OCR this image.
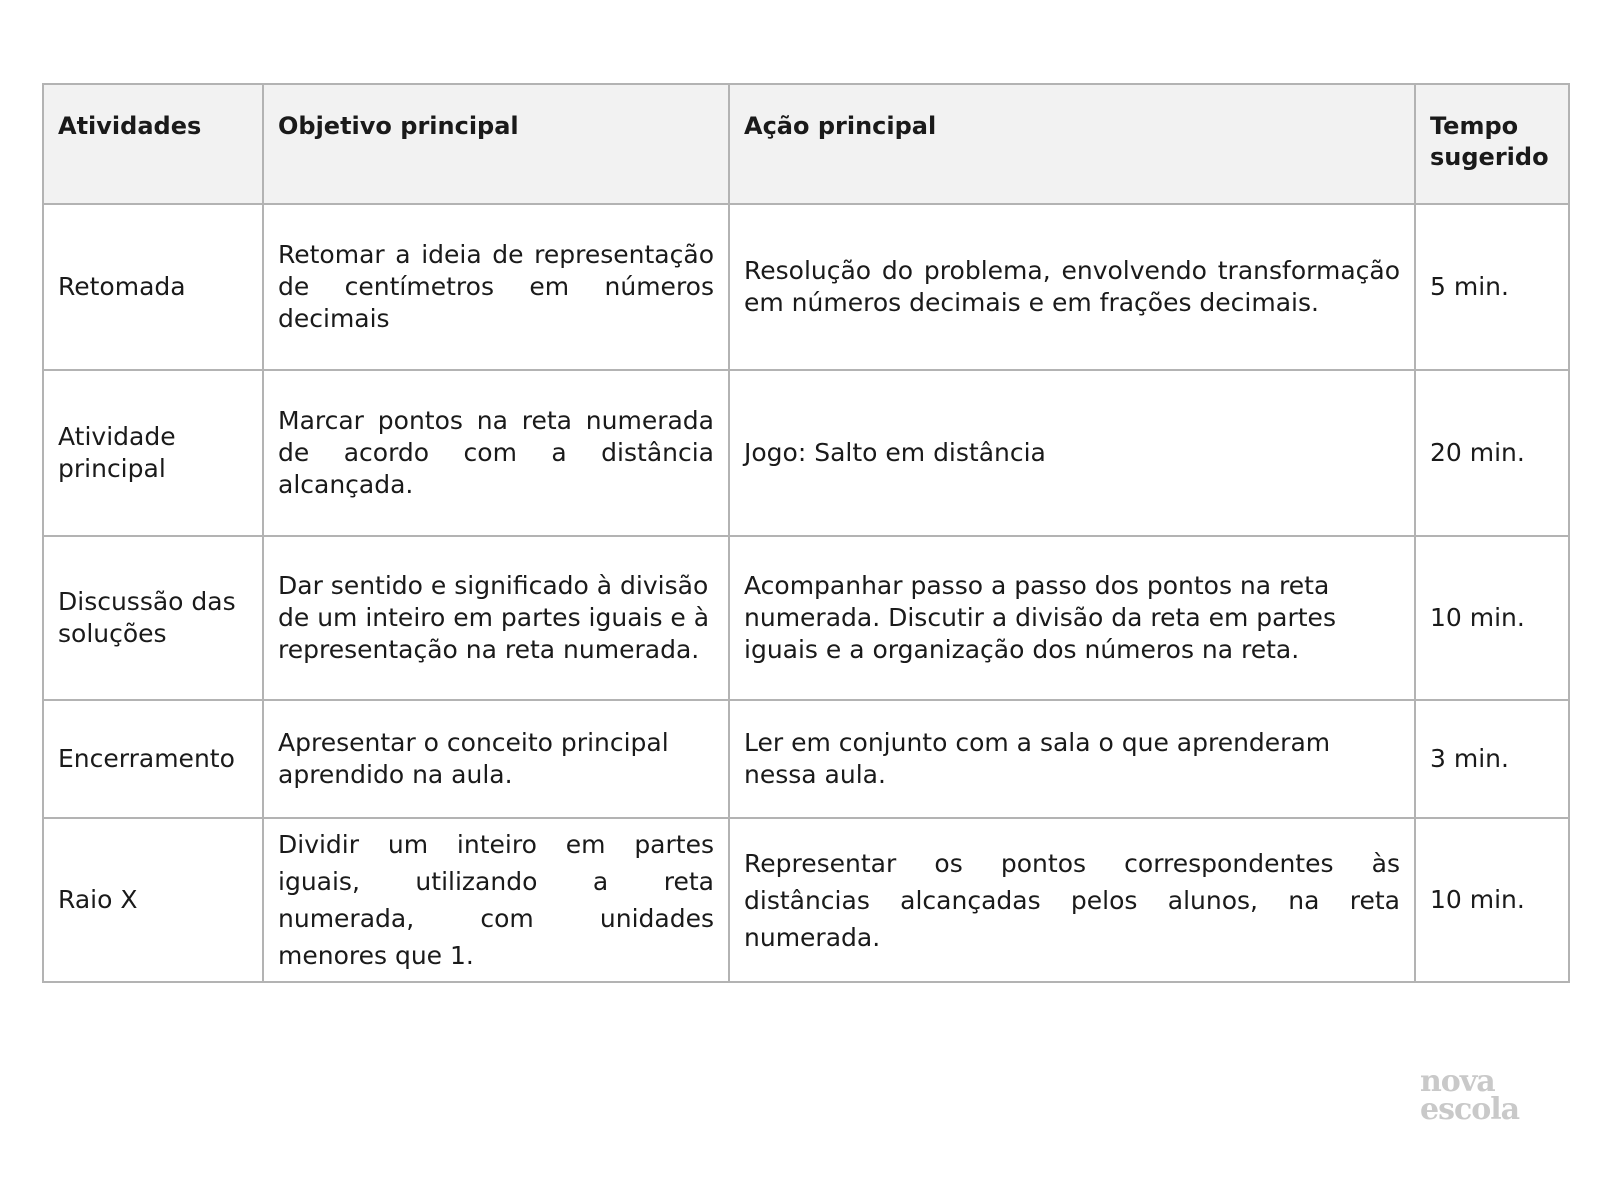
Atividades	Objetivo principal	Ação principal	Tempo sugerido
Retomada	Retomar a ideia de representação de centímetros em números decimais	Resolução do problema, envolvendo transformação em números decimais e em frações decimais.	5 min.
Atividade principal	Marcar pontos na reta numerada de acordo com a distância alcançada.	Jogo: Salto em distância	20 min.
Discussão das soluções	Dar sentido e significado à divisão de um inteiro em partes iguais e à representação na reta numerada.	Acompanhar passo a passo dos pontos na reta numerada. Discutir a divisão da reta em partes iguais e a organização dos números na reta.	10 min.
Encerramento	Apresentar o conceito principal aprendido na aula.	Ler em conjunto com a sala o que aprenderam nessa aula.	3 min.
Raio X	Dividir um inteiro em partes iguais, utilizando a reta numerada, com unidades menores que 1.	Representar os pontos correspondentes às distâncias alcançadas pelos alunos, na reta numerada.	10 min.
nova
escola
